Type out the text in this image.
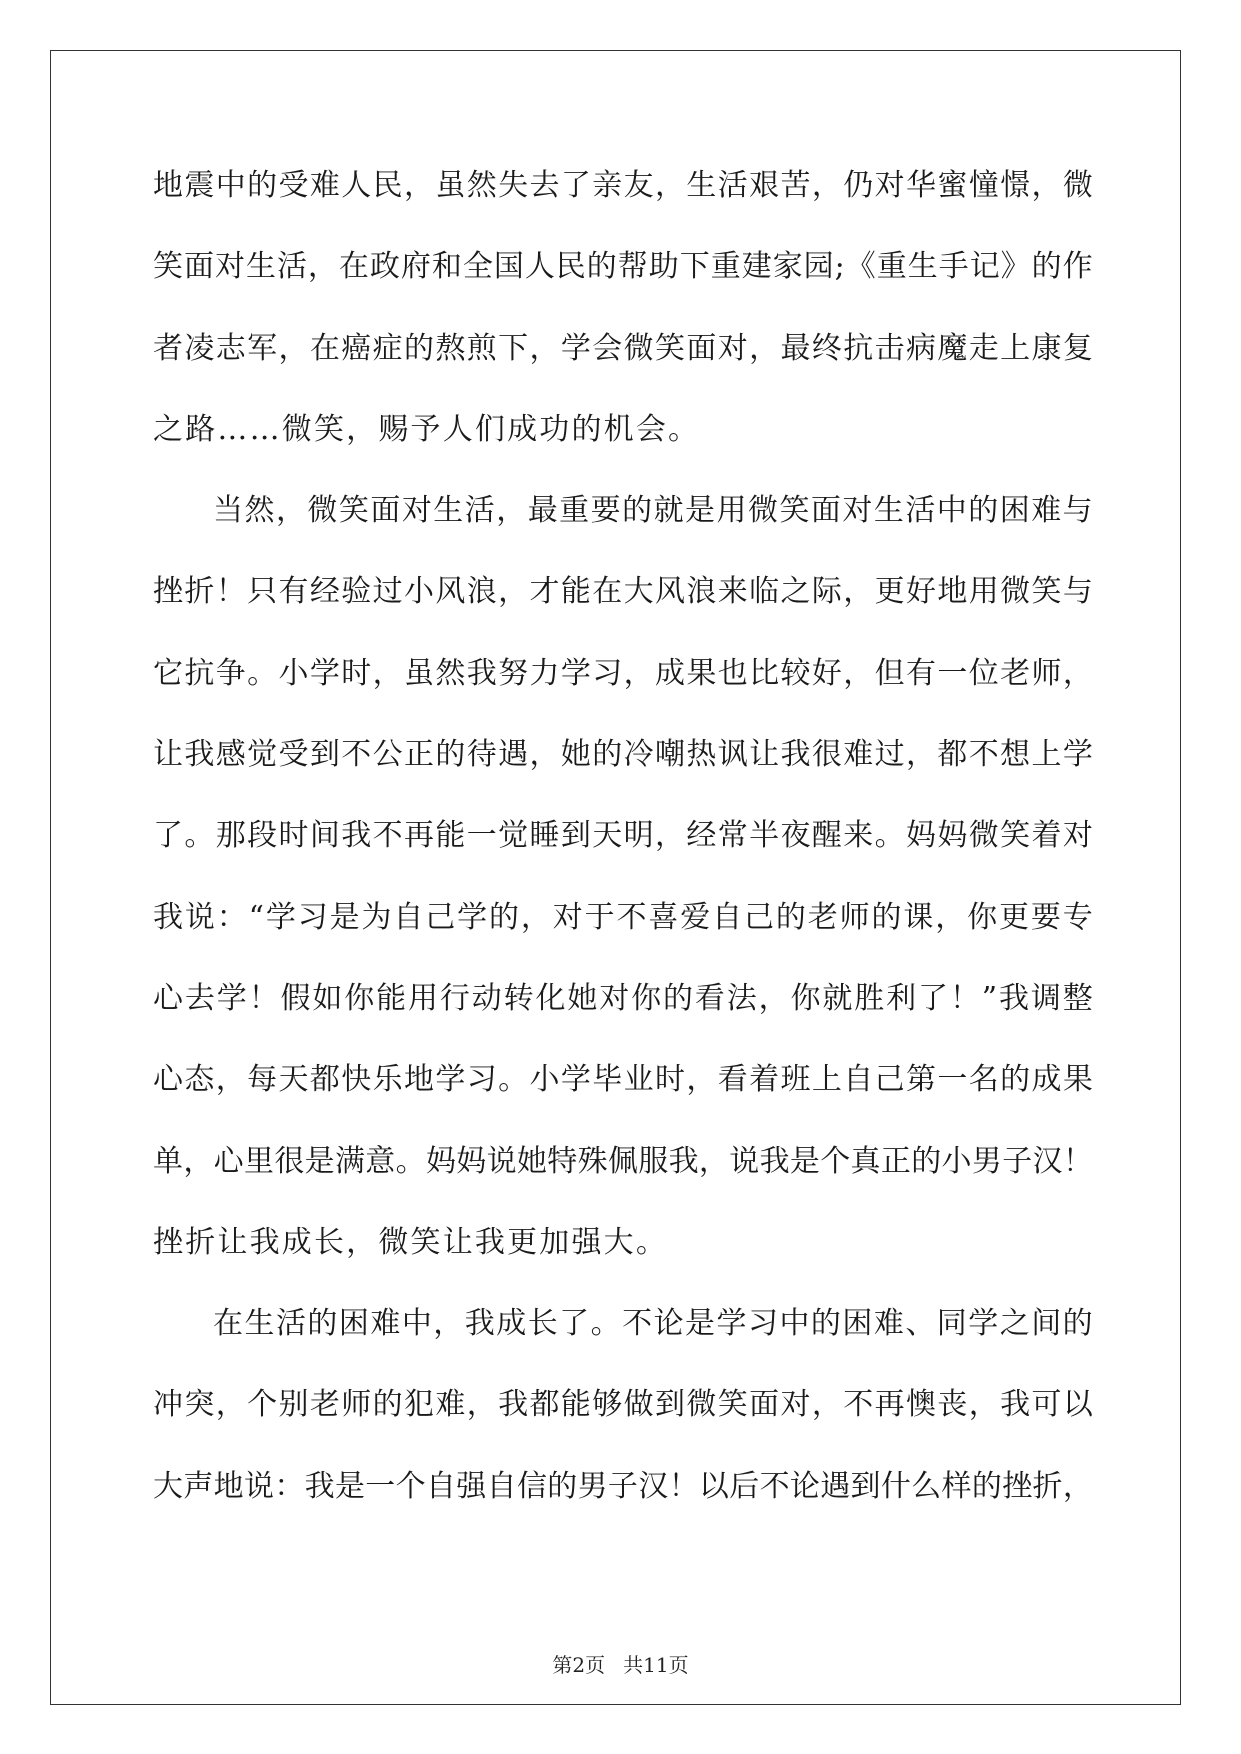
地 震 中 的 受 难 人 民 ， 虽 然 失 去 了 亲 友 ， 生 活 艰 苦 ， 仍 对 华 蜜 憧 憬 ， 微
笑 面 对 生 活 ， 在 政 府 和 全 国 人 民 的 帮 助 下 重 建 家 园 ; 《 重 生 手 记 》 的 作
者 凌 志 军 ， 在 癌 症 的 熬 煎 下 ， 学 会 微 笑 面 对 ， 最 终 抗 击 病 魔 走 上 康 复
之 路 … … 微 笑 ， 赐 予 人 们 成 功 的 机 会 。
当 然 ， 微 笑 面 对 生 活 ， 最 重 要 的 就 是 用 微 笑 面 对 生 活 中 的 困 难 与
挫 折 ！ 只 有 经 验 过 小 风 浪 ， 才 能 在 大 风 浪 来 临 之 际 ， 更 好 地 用 微 笑 与
它 抗 争 。 小 学 时 ， 虽 然 我 努 力 学 习 ， 成 果 也 比 较 好 ， 但 有 一 位 老 师 ，
让 我 感 觉 受 到 不 公 正 的 待 遇 ， 她 的 冷 嘲 热 讽 让 我 很 难 过 ， 都 不 想 上 学
了 。 那 段 时 间 我 不 再 能 一 觉 睡 到 天 明 ， 经 常 半 夜 醒 来 。 妈 妈 微 笑 着 对
我 说 ： “ 学 习 是 为 自 己 学 的 ， 对 于 不 喜 爱 自 己 的 老 师 的 课 ， 你 更 要 专
心 去 学 ！ 假 如 你 能 用 行 动 转 化 她 对 你 的 看 法 ， 你 就 胜 利 了 ！ ” 我 调 整
心 态 ， 每 天 都 快 乐 地 学 习 。 小 学 毕 业 时 ， 看 着 班 上 自 己 第 一 名 的 成 果
单 ， 心 里 很 是 满 意 。 妈 妈 说 她 特 殊 佩 服 我 ， 说 我 是 个 真 正 的 小 男 子 汉 ！
挫 折 让 我 成 长 ， 微 笑 让 我 更 加 强 大 。
在 生 活 的 困 难 中 ， 我 成 长 了 。 不 论 是 学 习 中 的 困 难 、 同 学 之 间 的
冲 突 ， 个 别 老 师 的 犯 难 ， 我 都 能 够 做 到 微 笑 面 对 ， 不 再 懊 丧 ， 我 可 以
大 声 地 说 ： 我 是 一 个 自 强 自 信 的 男 子 汉 ！ 以 后 不 论 遇 到 什 么 样 的 挫 折 ，
第2页 共11页
